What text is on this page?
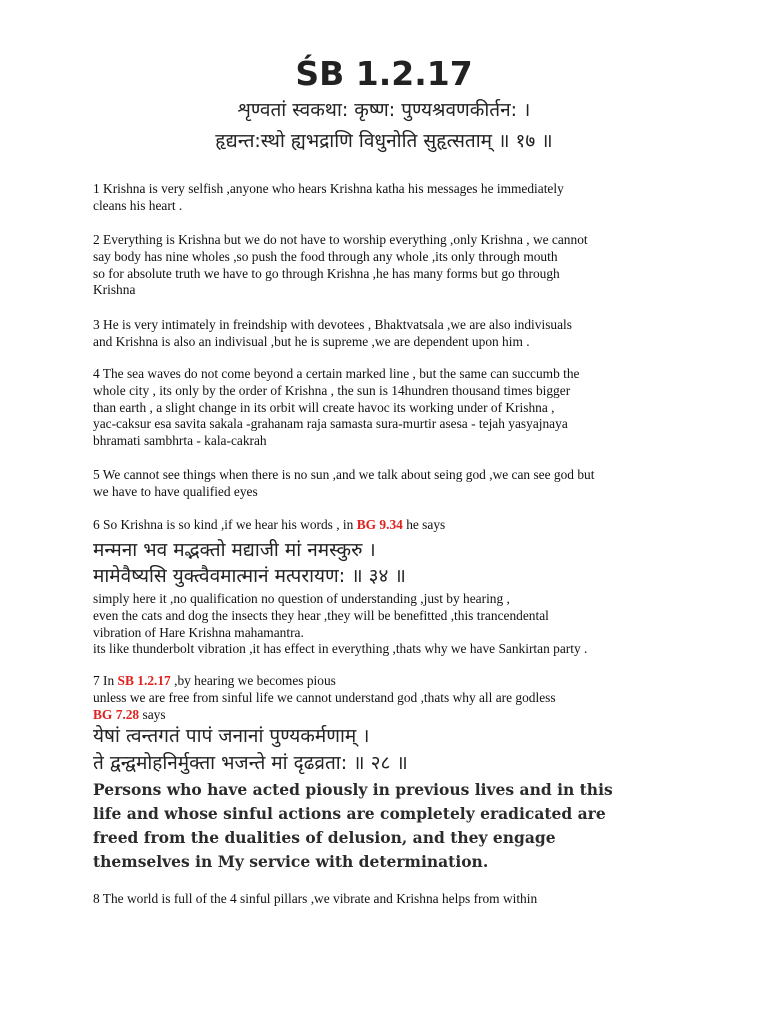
ŚB 1.2.17
शृण्वतां स्वकथा: कृष्ण: पुण्यश्रवणकीर्तन: ।
हृद्यन्त:स्थो ह्यभद्राणि विधुनोति सुहृत्सताम् ॥ १७ ॥
1 Krishna is very selfish ,anyone who hears Krishna katha his messages he immediately
cleans his heart .
2 Everything is Krishna but we do not have to worship everything ,only Krishna , we cannot
say body has nine wholes ,so push the food through any whole ,its only through mouth
so for absolute truth we have to go through Krishna ,he has many forms but go through
Krishna
3 He is very intimately in freindship with devotees , Bhaktvatsala ,we are also indivisuals
and Krishna is also an indivisual ,but he is supreme ,we are dependent upon him .
4 The sea waves do not come beyond a certain marked line , but the same can succumb the
whole city , its only by the order of Krishna , the sun is 14hundren thousand times bigger
than earth , a slight change in its orbit will create havoc its working under of Krishna ,
yac-caksur esa savita sakala -grahanam raja samasta sura-murtir asesa - tejah yasyajnaya
bhramati sambhrta - kala-cakrah
5 We cannot see things when there is no sun ,and we talk about seing god ,we can see god but
we have to have qualified eyes
6 So Krishna is so kind ,if we hear his words , in BG 9.34 he says
मन्मना भव मद्भक्तो मद्याजी मां नमस्कुरु ।
मामेवैष्यसि युक्त्वैवमात्मानं मत्परायण: ॥ ३४ ॥
simply here it ,no qualification no question of understanding ,just by hearing ,
even the cats and dog the insects they hear ,they will be benefitted ,this trancendental
vibration of Hare Krishna mahamantra.
its like thunderbolt vibration ,it has effect in everything ,thats why we have Sankirtan party .
7 In SB 1.2.17 ,by hearing we becomes pious
unless we are free from sinful life we cannot understand god ,thats why all are godless
BG 7.28 says
येषां त्वन्तगतं पापं जनानां पुण्यकर्मणाम् ।
ते द्वन्द्वमोहनिर्मुक्ता भजन्ते मां दृढव्रता: ॥ २८ ॥
Persons who have acted piously in previous lives and in this
life and whose sinful actions are completely eradicated are
freed from the dualities of delusion, and they engage
themselves in My service with determination.
8 The world is full of the 4 sinful pillars ,we vibrate and Krishna helps from within
